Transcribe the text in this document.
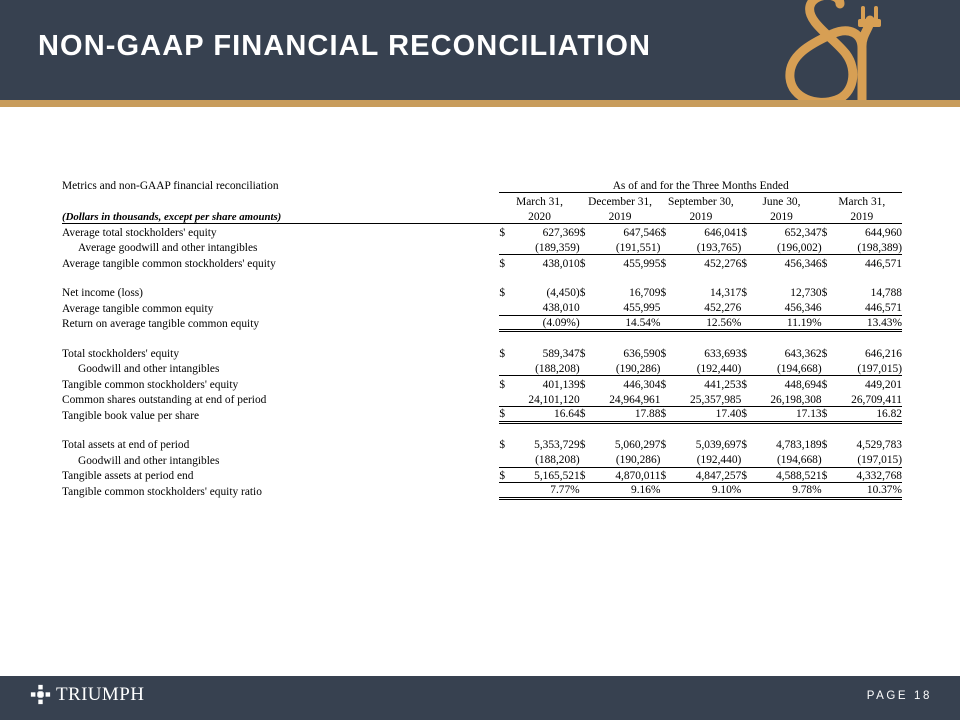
NON-GAAP FINANCIAL RECONCILIATION
Metrics and non-GAAP financial reconciliation	As of and for the Three Months Ended				
	March 31,	December 31,	September 30,	June 30,	March 31,
(Dollars in thousands, except per share amounts)	2020	2019	2019	2019	2019
Average total stockholders' equity	$ 627,369	$ 647,546	$ 646,041	$ 652,347	$ 644,960

Average goodwill and other intangibles	(189,359)	(191,551)	(193,765)	(196,002)	(198,389)

Average tangible common stockholders' equity	$ 438,010	$ 455,995	$ 452,276	$ 456,346	$ 446,571

Net income (loss)	$ (4,450)	$ 16,709	$ 14,317	$ 12,730	$ 14,788

Average tangible common equity	438,010	455,995	452,276	456,346	446,571

Return on average tangible common equity	(4.09%)	14.54%	12.56%	11.19%	13.43%

Total stockholders' equity	$ 589,347	$ 636,590	$ 633,693	$ 643,362	$ 646,216

Goodwill and other intangibles	(188,208)	(190,286)	(192,440)	(194,668)	(197,015)

Tangible common stockholders' equity	$ 401,139	$ 446,304	$ 441,253	$ 448,694	$ 449,201

Common shares outstanding at end of period	24,101,120	24,964,961	25,357,985	26,198,308	26,709,411

Tangible book value per share	$ 16.64	$ 17.88	$ 17.40	$ 17.13	$ 16.82

Total assets at end of period	$ 5,353,729	$ 5,060,297	$ 5,039,697	$ 4,783,189	$ 4,529,783

Goodwill and other intangibles	(188,208)	(190,286)	(192,440)	(194,668)	(197,015)

Tangible assets at period end	$ 5,165,521	$ 4,870,011	$ 4,847,257	$ 4,588,521	$ 4,332,768

Tangible common stockholders' equity ratio	7.77%	9.16%	9.10%	9.78%	10.37%
TRIUMPH	PAGE 18
